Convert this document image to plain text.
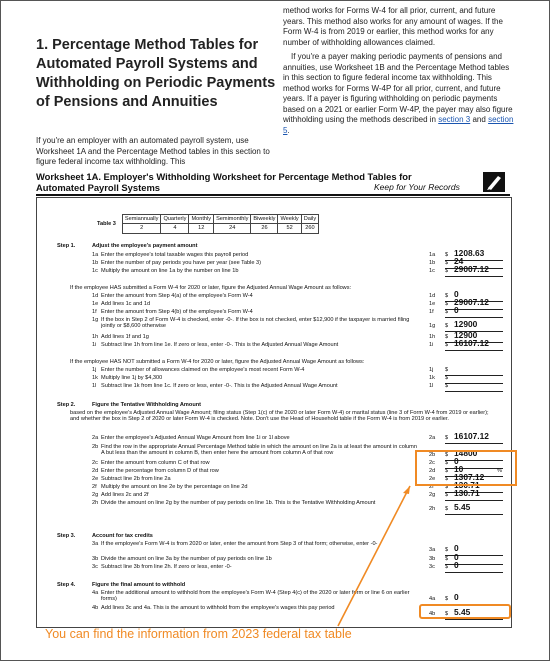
1. Percentage Method Tables for Automated Payroll Systems and Withholding on Periodic Payments of Pensions and Annuities
If you're an employer with an automated payroll system, use Worksheet 1A and the Percentage Method tables in this section to figure federal income tax withholding. This

method works for Forms W-4 for all prior, current, and future years. This method also works for any amount of wages. If the Form W-4 is from 2019 or earlier, this method works for any number of withholding allowances claimed.

If you're a payer making periodic payments of pensions and annuities, use Worksheet 1B and the Percentage Method tables in this section to figure federal income tax withholding. This method works for Forms W-4P for all prior, current, and future years. If a payer is figuring withholding on periodic payments based on a 2021 or earlier Form W-4P, the payer may also figure withholding using the methods described in section 3 and section 5.

Worksheet 1A. Employer's Withholding Worksheet for Percentage Method Tables for Automated Payroll Systems	Keep for Your Records
Table 3	Semiannually	Quarterly	Monthly	Semimonthly	Biweekly	Weekly	Daily
	2	4	12	24	26	52	260
Step 1.	Adjust the employee's payment amount
1a Enter the employee's total taxable wages this payroll period	1a $ 1208.63
1b Enter the number of pay periods you have per year (see Table 3)	1b $ 24
1c Multiply the amount on line 1a by the number on line 1b	1c $ 29007.12
If the employee HAS submitted a Form W-4 for 2020 or later, figure the Adjusted Annual Wage Amount as follows:
1d Enter the amount from Step 4(a) of the employee's Form W-4	1d $ 0
1e Add lines 1c and 1d	1e $ 29007.12
1f Enter the amount from Step 4(b) of the employee's Form W-4	1f $ 0
1g If the box in Step 2 of Form W-4 is checked, enter -0-. If the box is not checked, enter $12,900 if the taxpayer is married filing jointly or $8,600 otherwise	1g $ 12900
1h Add lines 1f and 1g	1h $ 12900
1i Subtract line 1h from line 1e. If zero or less, enter -0-. This is the Adjusted Annual Wage Amount	1i $ 16107.12
If the employee HAS NOT submitted a Form W-4 for 2020 or later, figure the Adjusted Annual Wage Amount as follows:
1j Enter the number of allowances claimed on the employee's most recent Form W-4	1j $
1k Multiply line 1j by $4,300	1k $
1l Subtract line 1k from line 1c. If zero or less, enter -0-. This is the Adjusted Annual Wage Amount	1l $
Step 2.	Figure the Tentative Withholding Amount
based on the employee's Adjusted Annual Wage Amount; filing status (Step 1(c) of the 2020 or later Form W-4) or marital status (line 3 of Form W-4 from 2019 or earlier); and whether the box in Step 2 of 2020 or later Form W-4 is checked. Note. Don't use the Head of Household table if the Form W-4 is from 2019 or earlier.
2a Enter the employee's Adjusted Annual Wage Amount from line 1i or 1l above	2a $ 16107.12
2b Find the row in the appropriate Annual Percentage Method table in which the amount on line 2a is at least the amount in column A but less than the amount in column B, then enter here the amount from column A of that row	2b $ 14800
2c Enter the amount from column C of that row	2c $ 0
2d Enter the percentage from column D of that row	2d $ 10	%
2e Subtract line 2b from line 2a	2e $ 1307.12
2f Multiply the amount on line 2e by the percentage on line 2d	2f $ 130.71
2g Add lines 2c and 2f	2g $ 130.71
2h Divide the amount on line 2g by the number of pay periods on line 1b. This is the Tentative Withholding Amount
2h $ 5.45
Step 3.	Account for tax credits
3a If the employee's Form W-4 is from 2020 or later, enter the amount from Step 3 of that form; otherwise, enter -0-
3a $ 0
3b Divide the amount on line 3a by the number of pay periods on line 1b	3b $ 0
3c Subtract line 3b from line 2h. If zero or less, enter -0-	3c $ 0
Step 4.	Figure the final amount to withhold
4a Enter the additional amount to withhold from the employee's Form W-4 (Step 4(c) of the 2020 or later form or line 6 on earlier forms)	4a $ 0
4b Add lines 3c and 4a. This is the amount to withhold from the employee's wages this pay period
4b $ 5.45
You can find the information from 2023 federal tax table
